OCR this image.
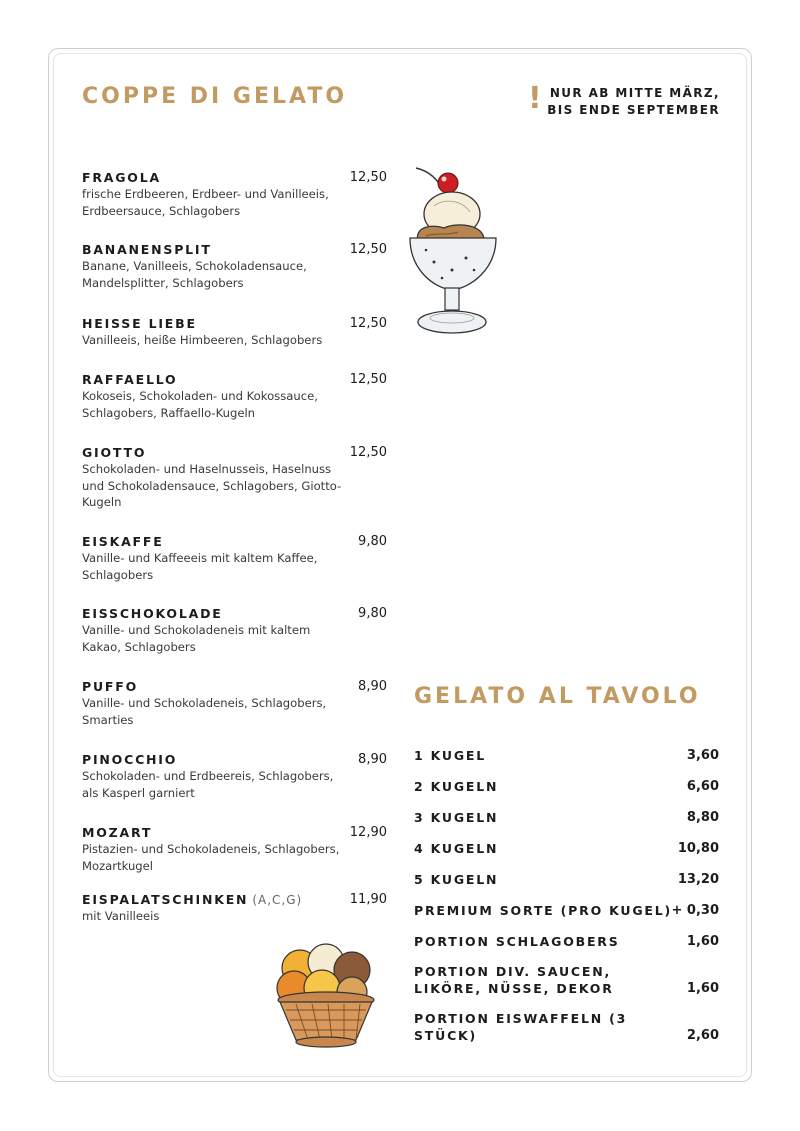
COPPE DI GELATO	! NUR AB MITTE MÄRZ,
BIS ENDE SEPTEMBER
FRAGOLA	12,50
frische Erdbeeren, Erdbeer- und Vanilleeis, Erdbeersauce, Schlagobers
BANANENSPLIT	12,50
Banane, Vanilleeis, Schokoladensauce, Mandelsplitter, Schlagobers
HEISSE LIEBE	12,50
Vanilleeis, heiße Himbeeren, Schlagobers
RAFFAELLO	12,50
Kokoseis, Schokoladen- und Kokossauce, Schlagobers, Raffaello-Kugeln
GIOTTO	12,50
Schokoladen- und Haselnusseis, Haselnuss und Schokoladensauce, Schlagobers, Giotto-Kugeln
EISKAFFE	9,80
Vanille- und Kaffeeeis mit kaltem Kaffee, Schlagobers
EISSCHOKOLADE	9,80
Vanille- und Schokoladeneis mit kaltem Kakao, Schlagobers
PUFFO	8,90
Vanille- und Schokoladeneis, Schlagobers, Smarties
PINOCCHIO	8,90
Schokoladen- und Erdbeereis, Schlagobers, als Kasperl garniert
MOZART	12,90
Pistazien- und Schokoladeneis, Schlagobers, Mozartkugel
EISPALATSCHINKEN (A,C,G)	11,90
mit Vanilleeis
GELATO AL TAVOLO
1 KUGEL	3,60
2 KUGELN	6,60
3 KUGELN	8,80
4 KUGELN	10,80
5 KUGELN	13,20
PREMIUM SORTE (PRO KUGEL) + 0,30
PORTION SCHLAGOBERS	1,60
PORTION DIV. SAUCEN, LIKÖRE, NÜSSE, DEKOR	1,60
PORTION EISWAFFELN (3 STÜCK)	2,60
